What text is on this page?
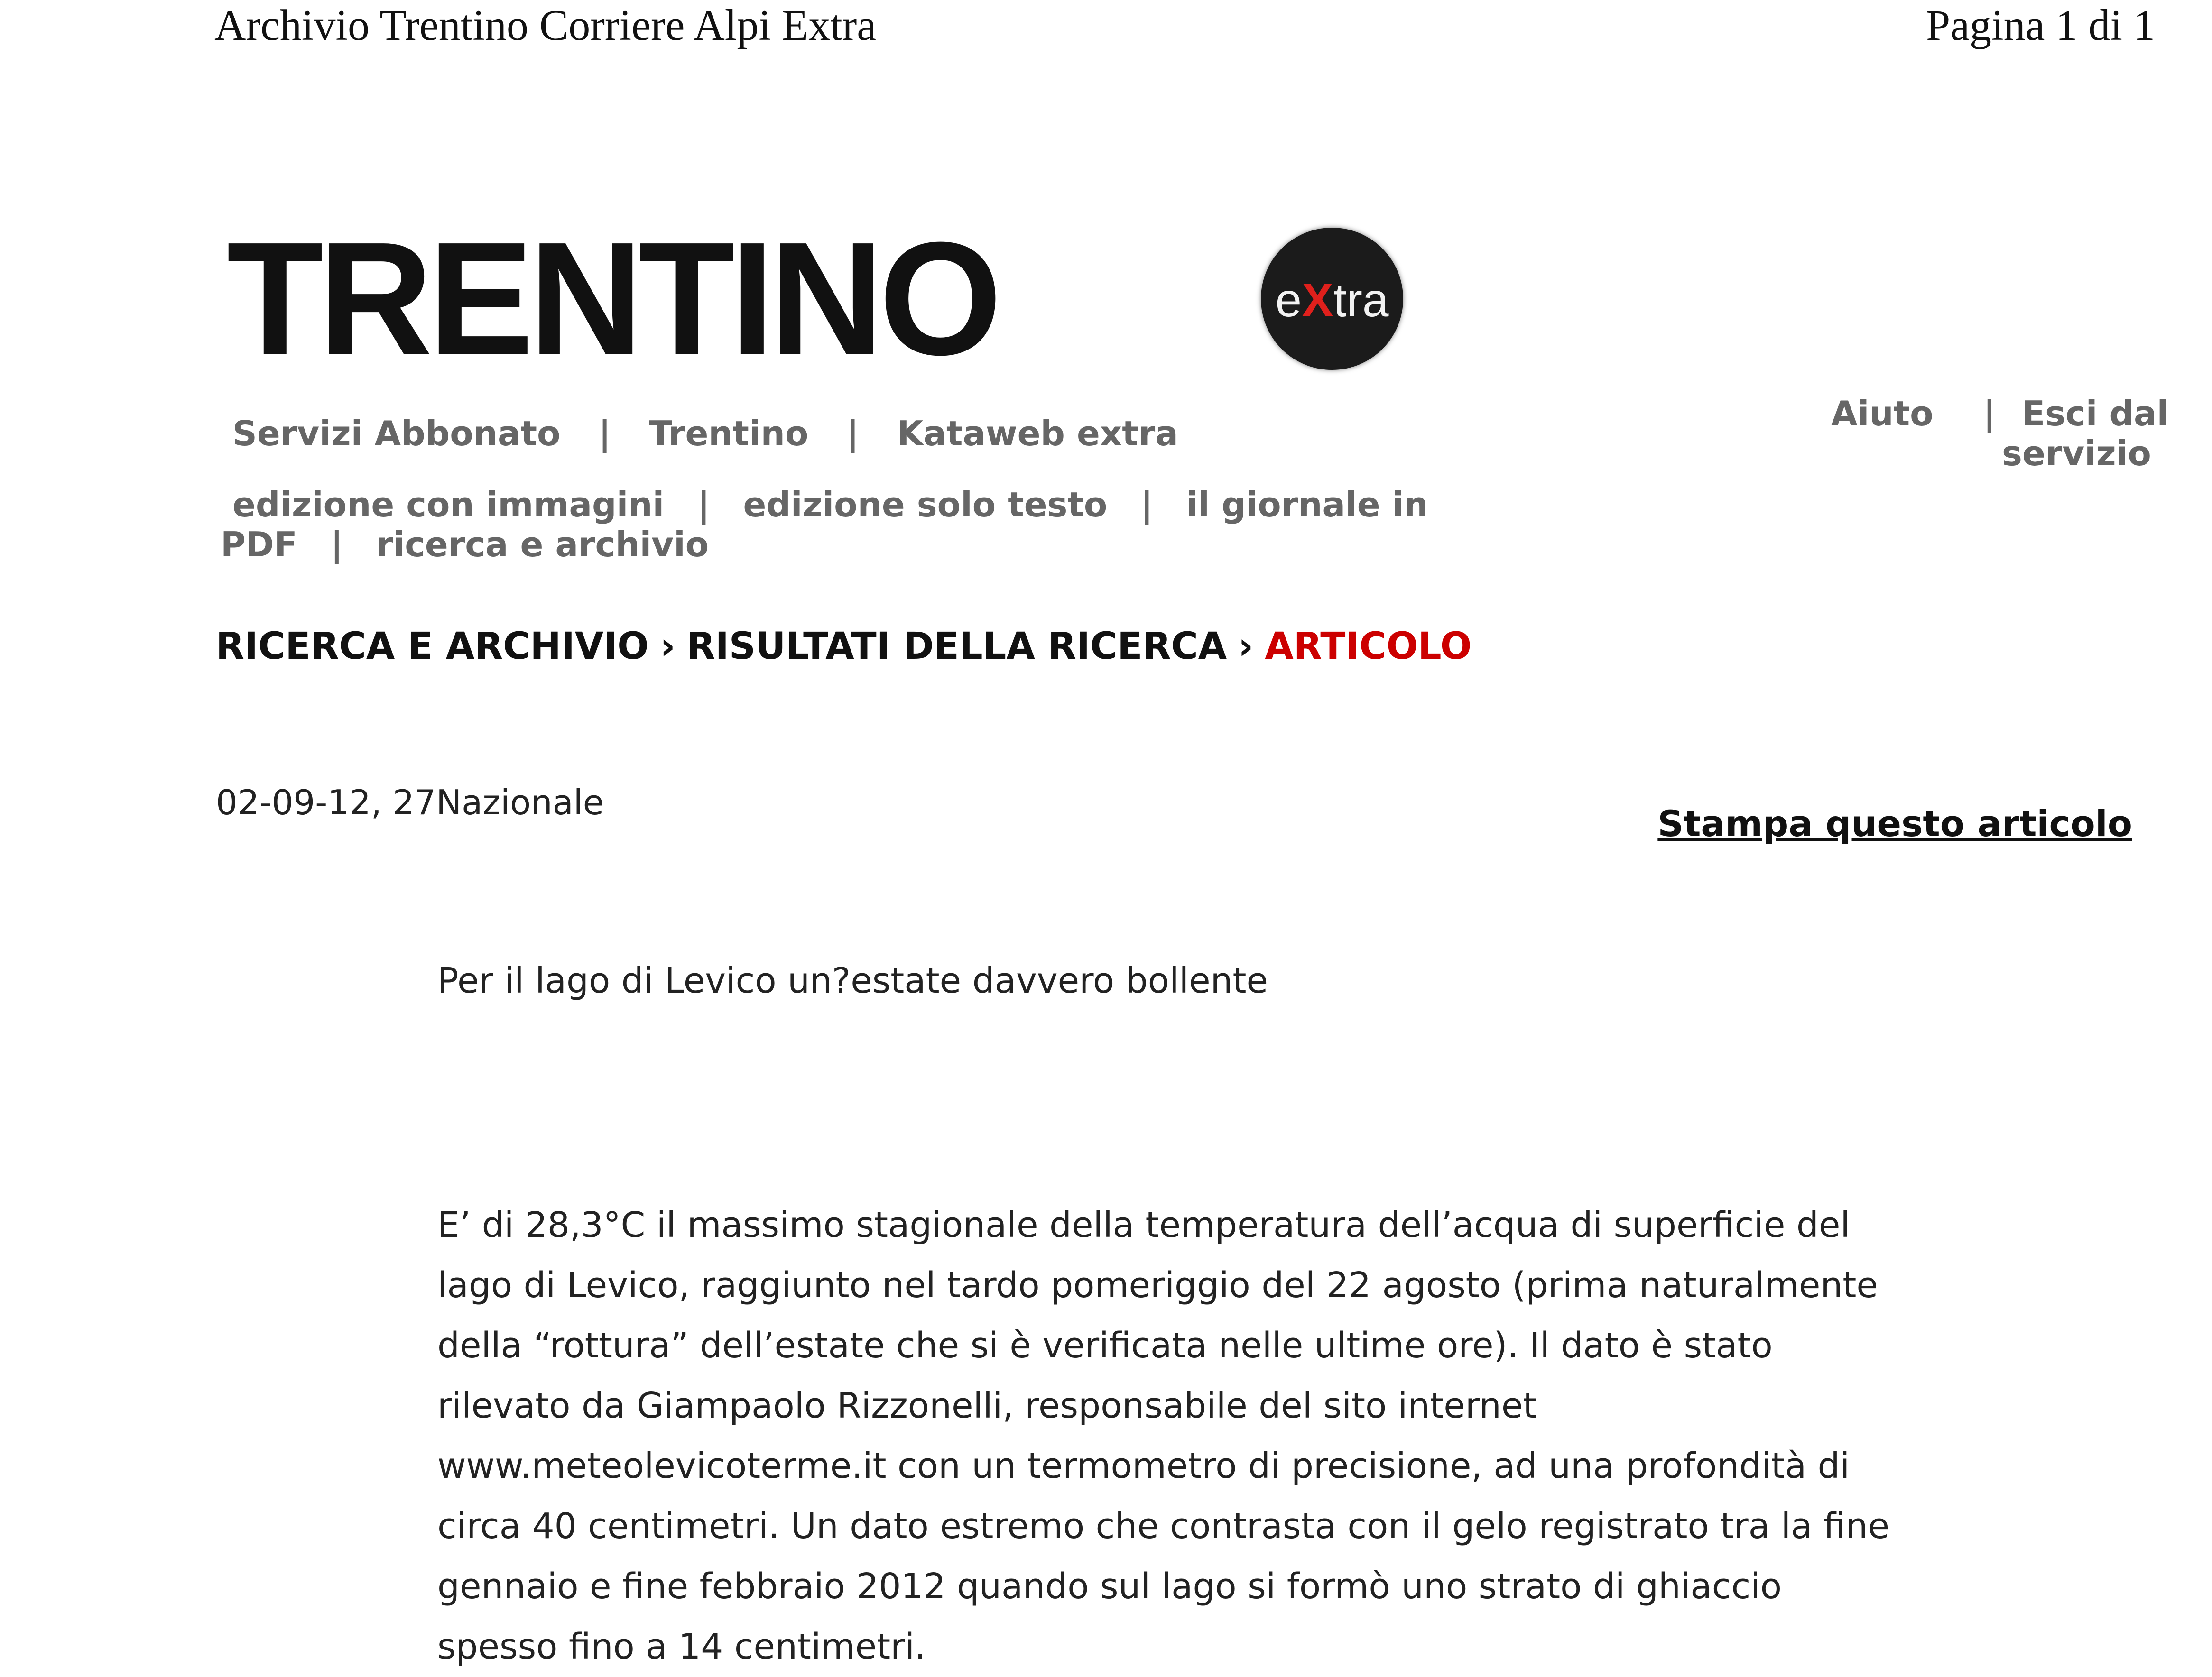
Archivio Trentino Corriere Alpi Extra	Pagina 1 di 1
TRENTINO	eXtra
Servizi Abbonato | Trentino | Kataweb extra	Aiuto | Esci dal
servizio
edizione con immagini | edizione solo testo | il giornale in PDF | ricerca e archivio
RICERCA E ARCHIVIO › RISULTATI DELLA RICERCA › ARTICOLO
02-09-12, 27Nazionale	Stampa questo articolo
Per il lago di Levico un?estate davvero bollente
E’ di 28,3°C il massimo stagionale della temperatura dell’acqua di superficie del
lago di Levico, raggiunto nel tardo pomeriggio del 22 agosto (prima naturalmente
della “rottura” dell’estate che si è verificata nelle ultime ore). Il dato è stato
rilevato da Giampaolo Rizzonelli, responsabile del sito internet
www.meteolevicoterme.it con un termometro di precisione, ad una profondità di
circa 40 centimetri. Un dato estremo che contrasta con il gelo registrato tra la fine
gennaio e fine febbraio 2012 quando sul lago si formò uno strato di ghiaccio
spesso fino a 14 centimetri.
